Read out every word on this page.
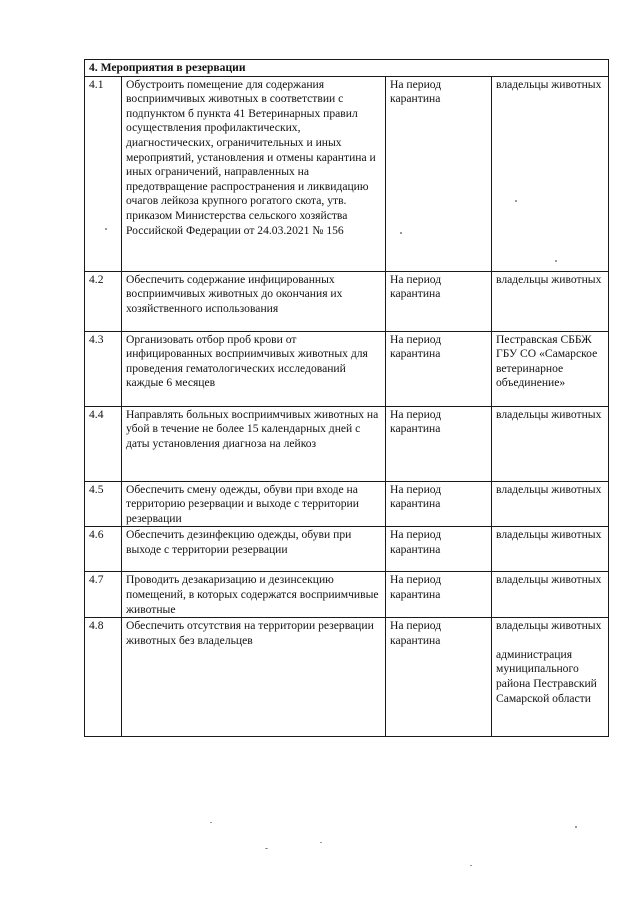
4. Мероприятия в резервации			
4.1	Обустроить помещение для содержания восприимчивых животных в соответствии с подпунктом б пункта 41 Ветеринарных правил осуществления профилактических, диагностических, ограничительных и иных мероприятий, установления и отмены карантина и иных ограничений, направленных на предотвращение распространения и ликвидацию очагов лейкоза крупного рогатого скота, утв. приказом Министерства сельского хозяйства Российской Федерации от 24.03.2021 № 156	На период карантина	владельцы животных

4.2	Обеспечить содержание инфицированных восприимчивых животных до окончания их хозяйственного использования	На период карантина	владельцы животных

4.3	Организовать отбор проб крови от инфицированных восприимчивых животных для проведения гематологических исследований каждые 6 месяцев	На период карантина	Пестравская СББЖ ГБУ СО «Самарское ветеринарное объединение»

4.4	Направлять больных восприимчивых животных на убой в течение не более 15 календарных дней с даты установления диагноза на лейкоз	На период карантина	владельцы животных

4.5	Обеспечить смену одежды, обуви при входе на территорию резервации и выходе с территории резервации	На период карантина	владельцы животных

4.6	Обеспечить дезинфекцию одежды, обуви при выходе с территории резервации	На период карантина	владельцы животных

4.7	Проводить дезакаризацию и дезинсекцию помещений, в которых содержатся восприимчивые животные	На период карантина	владельцы животных

4.8	Обеспечить отсутствия на территории резервации животных без владельцев	На период карантина	владельцы животных
администрация муниципального района Пестравский Самарской области
